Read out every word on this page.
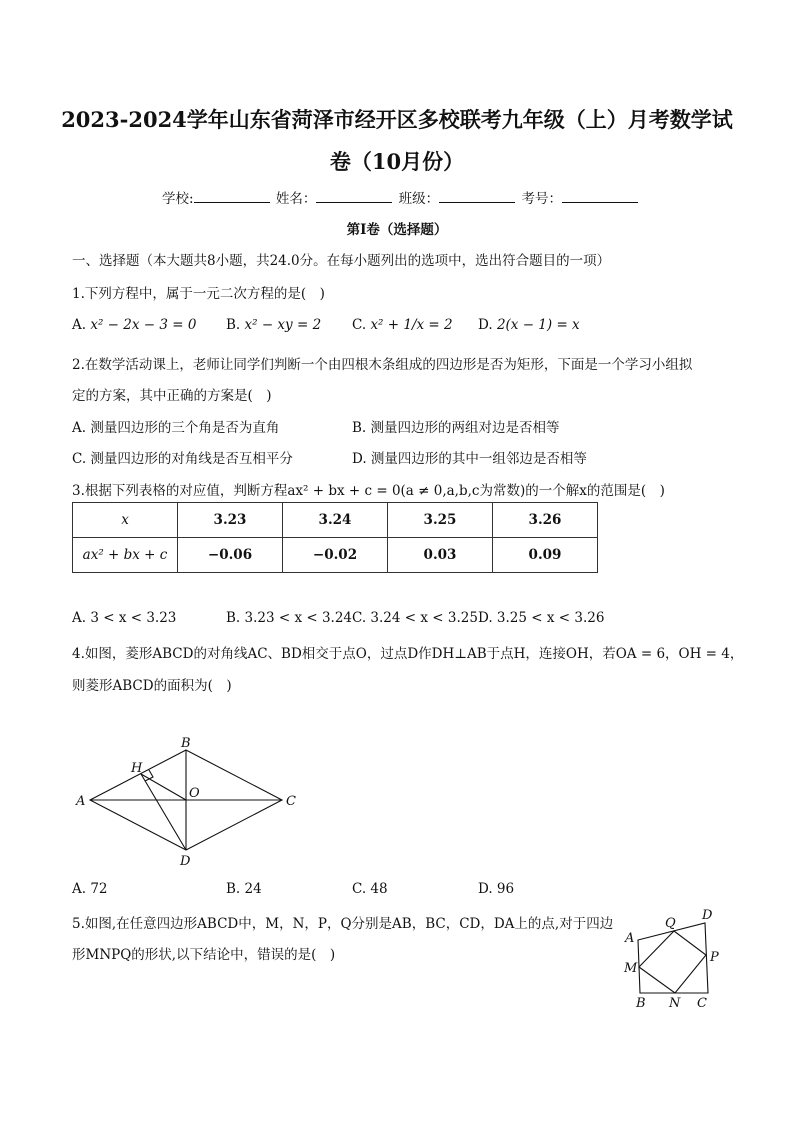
2023-2024学年山东省菏泽市经开区多校联考九年级（上）月考数学试
卷（10月份）
学校:	姓名：	班级：	考号：
第Ⅰ卷（选择题）
一、选择题（本大题共8小题，共24.0分。在每小题列出的选项中，选出符合题目的一项）
1.下列方程中，属于一元二次方程的是(　)
A. x² − 2x − 3 = 0 B. x² − xy = 2 C. x² + 1/x = 2 D. 2(x − 1) = x
2.在数学活动课上，老师让同学们判断一个由四根木条组成的四边形是否为矩形，下面是一个学习小组拟
定的方案，其中正确的方案是(　)
A. 测量四边形的三个角是否为直角	B. 测量四边形的两组对边是否相等
C. 测量四边形的对角线是否互相平分	D. 测量四边形的其中一组邻边是否相等
3.根据下列表格的对应值，判断方程ax² + bx + c = 0(a ≠ 0,a,b,c为常数)的一个解x的范围是(　)
x	3.23	3.24	3.25	3.26
ax² + bx + c	−0.06	−0.02	0.03	0.09
A. 3 < x < 3.23	B. 3.23 < x < 3.24 C. 3.24 < x < 3.25 D. 3.25 < x < 3.26
4.如图，菱形ABCD的对角线AC、BD相交于点O，过点D作DH⊥AB于点H，连接OH，若OA = 6，OH = 4，
则菱形ABCD的面积为(　)
A
B
C
D
H
O
A. 72	B. 24	C. 48	D. 96
5.如图,在任意四边形ABCD中，M，N，P，Q分别是AB，BC，CD，DA上的点,对于四边
形MNPQ的形状,以下结论中，错误的是(　)
A
B	C
D
M
N
P
Q
